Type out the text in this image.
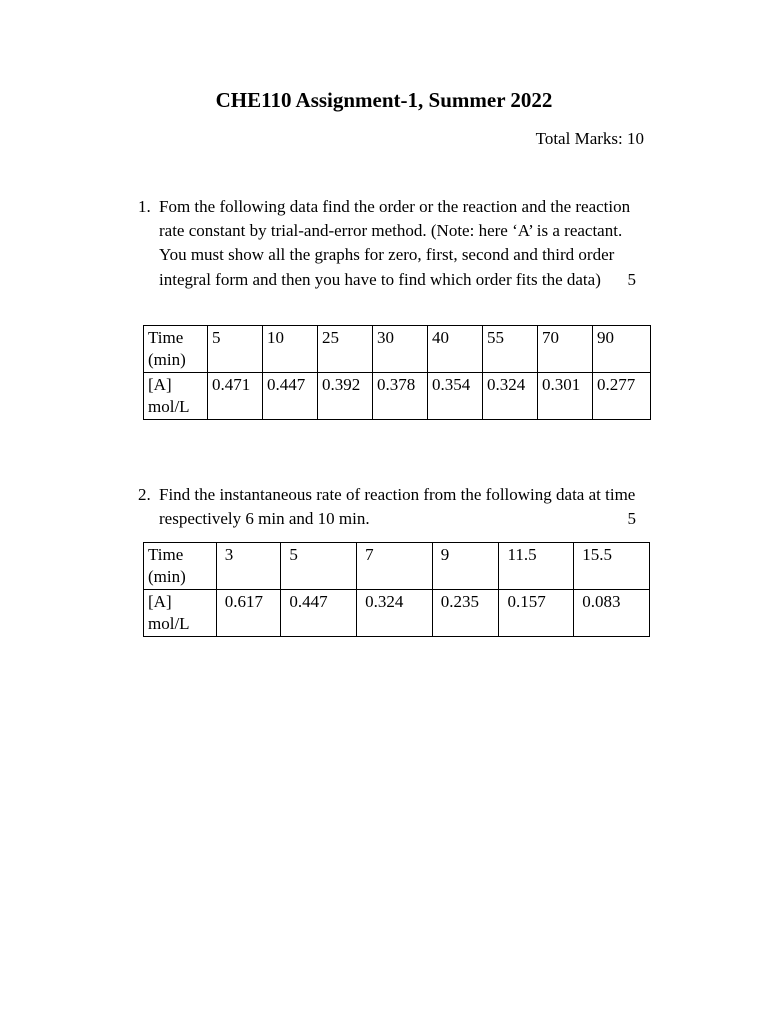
CHE110 Assignment-1, Summer 2022
Total Marks: 10
1. Fom the following data find the order or the reaction and the reaction rate constant by trial-and-error method. (Note: here ‘A’ is a reactant. You must show all the graphs for zero, first, second and third order integral form and then you have to find which order fits the data) 5
Time (min)	5	10	25	30	40	55	70	90
[A] mol/L	0.471	0.447	0.392	0.378	0.354	0.324	0.301	0.277
2. Find the instantaneous rate of reaction from the following data at time respectively 6 min and 10 min.	5
Time (min)	3	5	7	9	11.5	15.5
[A] mol/L	0.617	0.447	0.324	0.235	0.157	0.083
